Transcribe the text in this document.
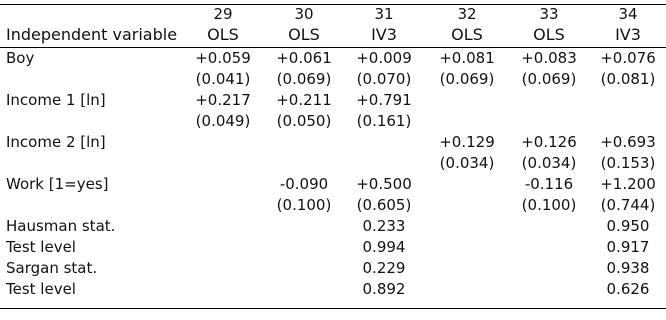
	29	30	31	32	33	34
Independent variable	OLS	OLS	IV3	OLS	OLS	IV3

Boy	+0.059	+0.061	+0.009	+0.081	+0.083	+0.076
	(0.041)	(0.069)	(0.070)	(0.069)	(0.069)	(0.081)
Income 1 [ln]	+0.217	+0.211	+0.791			
	(0.049)	(0.050)	(0.161)			
Income 2 [ln]				+0.129	+0.126	+0.693
				(0.034)	(0.034)	(0.153)
Work [1=yes]		-0.090	+0.500		-0.116	+1.200
		(0.100)	(0.605)		(0.100)	(0.744)
Hausman stat.			0.233			0.950
Test level			0.994			0.917
Sargan stat.			0.229			0.938
Test level			0.892			0.626
